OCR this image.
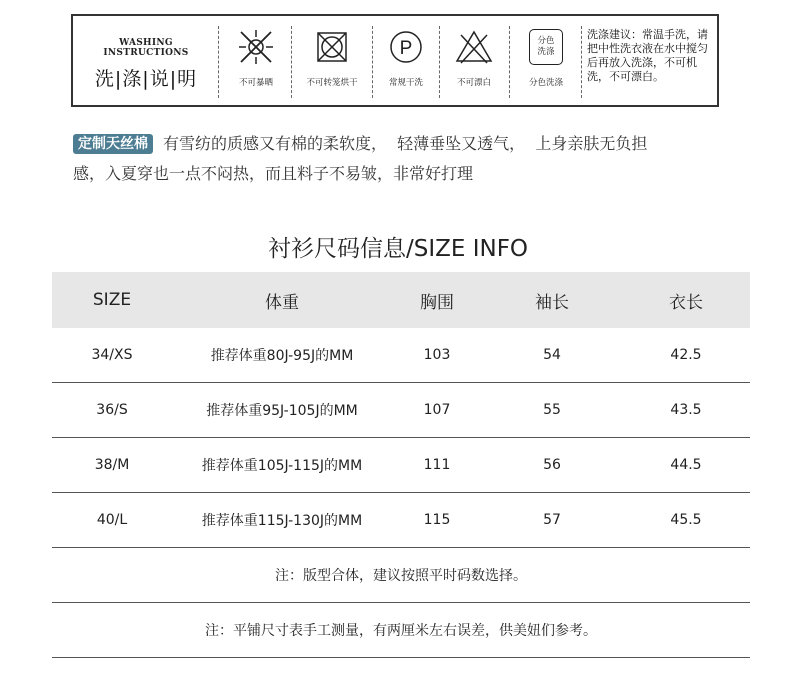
WASHING INSTRUCTIONS
洗|涤|说|明	不可暴晒	不可转笼烘干
P
常规干洗	不可漂白
分色
洗涤
分色洗涤
洗涤建议：常温手洗，请把中性洗衣液在水中搅匀后再放入洗涤，不可机洗，不可漂白。
定制天丝棉 有雪纺的质感又有棉的柔软度，  轻薄垂坠又透气，  上身亲肤无负担
感，入夏穿也一点不闷热，而且料子不易皱，非常好打理
衬衫尺码信息/SIZE INFO
SIZE	体重	胸围	袖长	衣长
34/XS	推荐体重80J-95J的MM	103	54	42.5
36/S	推荐体重95J-105J的MM	107	55	43.5
38/M	推荐体重105J-115J的MM	111	56	44.5
40/L	推荐体重115J-130J的MM	115	57	45.5
注：版型合体，建议按照平时码数选择。				
注：平铺尺寸表手工测量，有两厘米左右误差，供美妞们参考。				
